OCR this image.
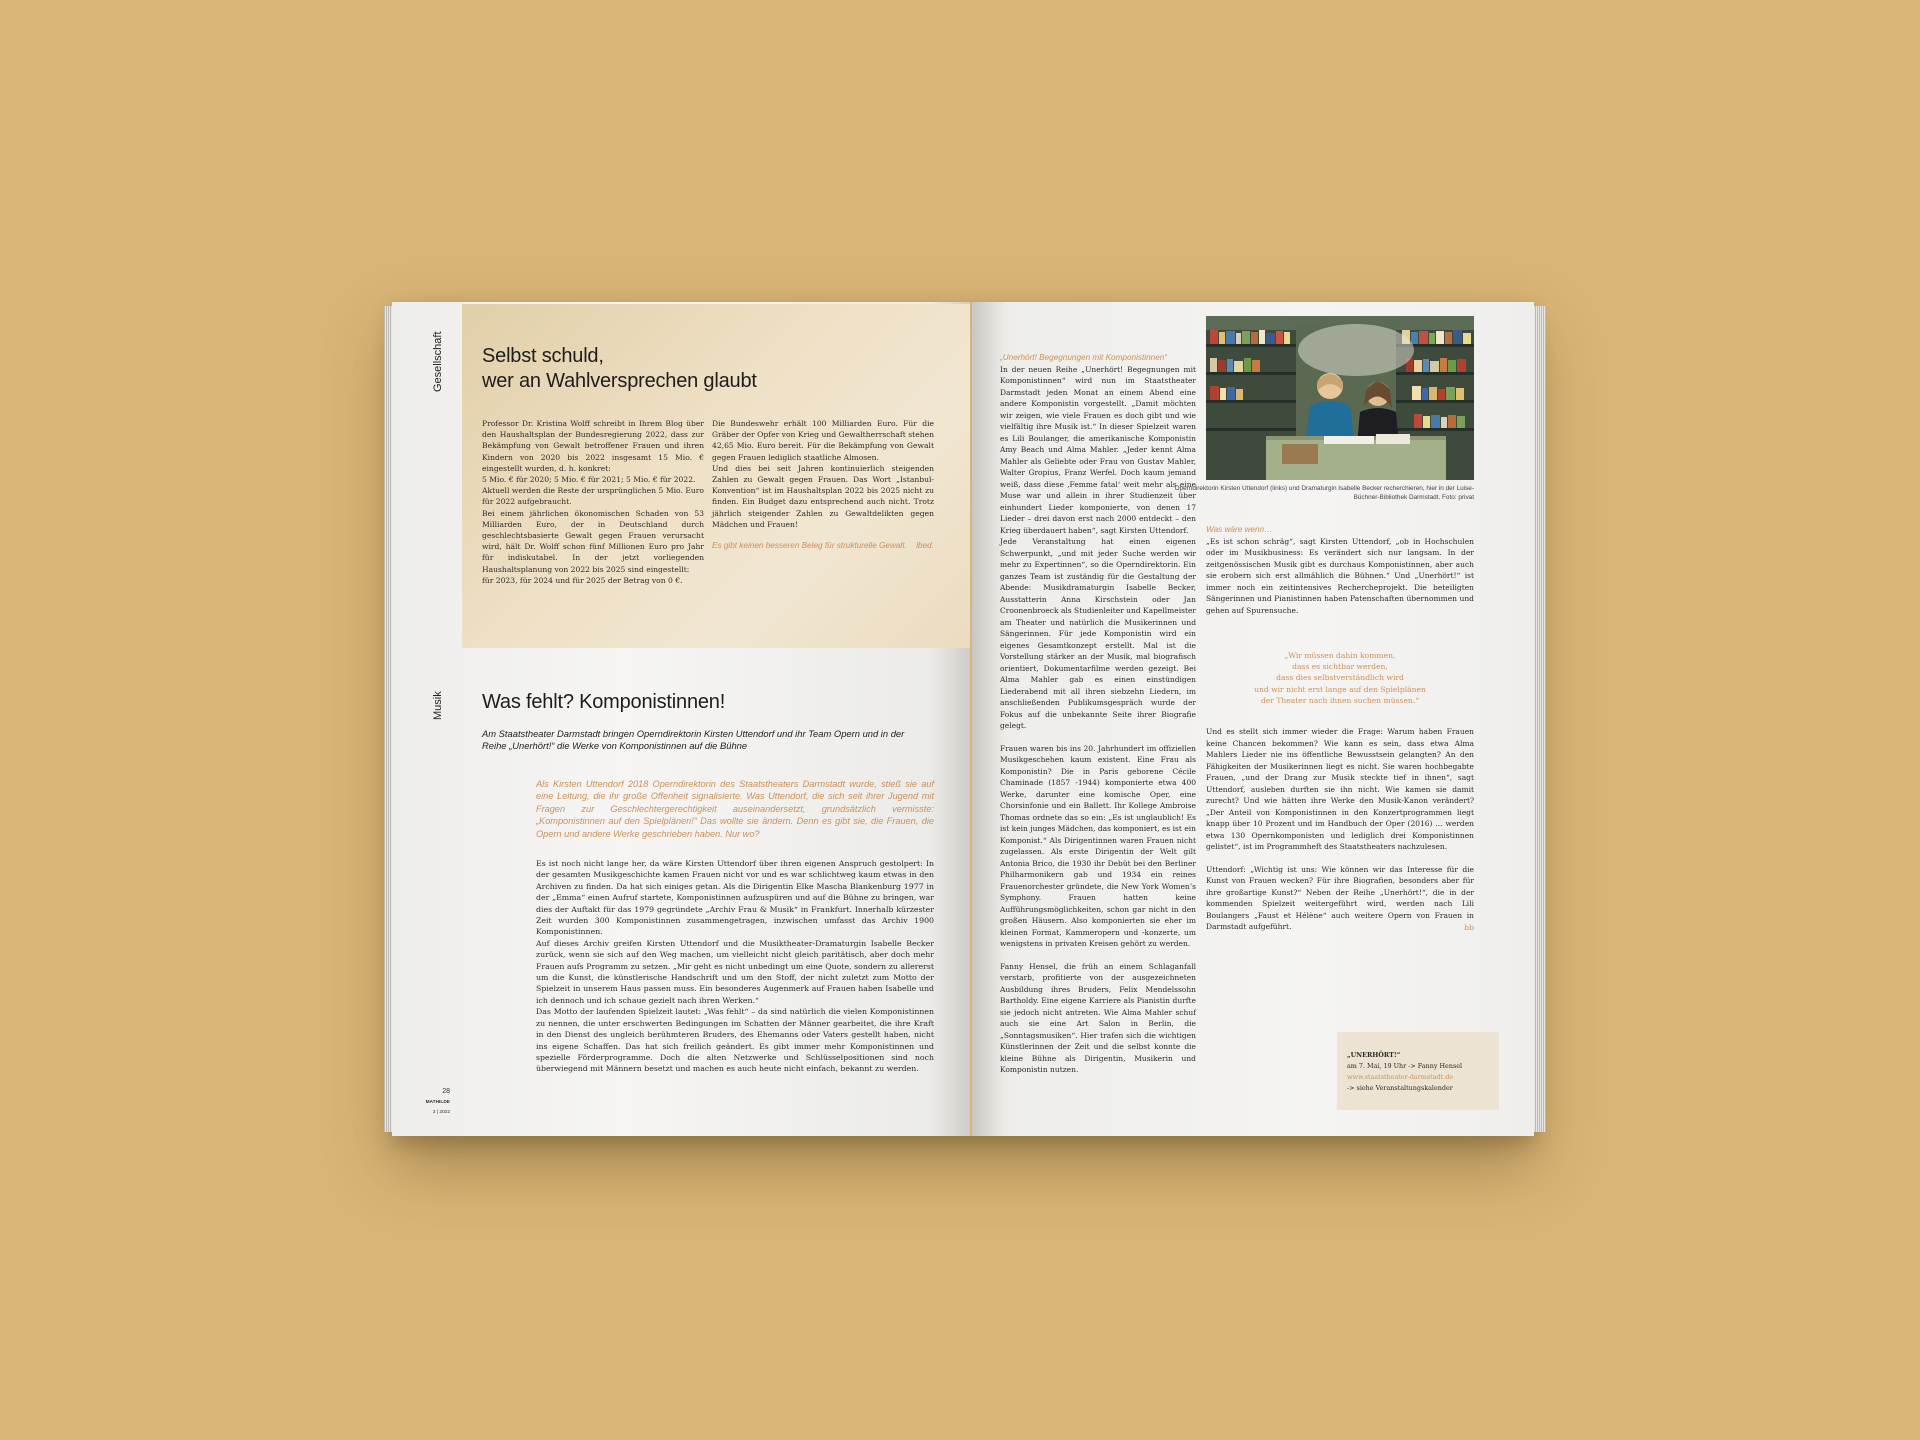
Gesellschaft
Musik
Selbst schuld,
wer an Wahlversprechen glaubt

Professor Dr. Kristina Wolff schreibt in Ihrem Blog über den Haushaltsplan der Bundesregierung 2022, dass zur Bekämpfung von Gewalt betroffener Frauen und ihren Kindern von 2020 bis 2022 insgesamt 15 Mio. € eingestellt wurden, d. h. konkret:

5 Mio. € für 2020; 5 Mio. € für 2021; 5 Mio. € für 2022.

Aktuell werden die Reste der ursprünglichen 5 Mio. Euro für 2022 aufgebraucht.

Bei einem jährlichen ökonomischen Schaden von 53 Milliarden Euro, der in Deutschland durch geschlechtsbasierte Gewalt gegen Frauen verursacht wird, hält Dr. Wolff schon fünf Millionen Euro pro Jahr für indiskutabel. In der jetzt vorliegenden Haushaltsplanung von 2022 bis 2025 sind eingestellt:

für 2023, für 2024 und für 2025 der Betrag von 0 €.

Die Bundeswehr erhält 100 Milliarden Euro. Für die Gräber der Opfer von Krieg und Gewaltherrschaft stehen 42,65 Mio. Euro bereit. Für die Bekämpfung von Gewalt gegen Frauen lediglich staatliche Almosen.

Und dies bei seit Jahren kontinuierlich steigenden Zahlen zu Gewalt gegen Frauen. Das Wort „Istanbul-Konvention“ ist im Haushaltsplan 2022 bis 2025 nicht zu finden. Ein Budget dazu entsprechend auch nicht. Trotz jährlich steigender Zahlen zu Gewaltdelikten gegen Mädchen und Frauen!

Es gibt keinen besseren Beleg für strukturelle Gewalt.	lbed.

Was fehlt? Komponistinnen!
Am Staatstheater Darmstadt bringen Operndirektorin Kirsten Uttendorf und ihr Team Opern und in der Reihe „Unerhört!“ die Werke von Komponistinnen auf die Bühne
Als Kirsten Uttendorf 2018 Operndirektorin des Staatstheaters Darmstadt wurde, stieß sie auf eine Leitung, die ihr große Offenheit signalisierte. Was Uttendorf, die sich seit ihrer Jugend mit Fragen zur Geschlechtergerechtigkeit auseinandersetzt, grundsätzlich vermisste: „Komponistinnen auf den Spielplänen!“ Das wollte sie ändern. Denn es gibt sie, die Frauen, die Opern und andere Werke geschrieben haben. Nur wo?

Es ist noch nicht lange her, da wäre Kirsten Uttendorf über ihren eigenen Anspruch gestolpert: In der gesamten Musikgeschichte kamen Frauen nicht vor und es war schlichtweg kaum etwas in den Archiven zu finden. Da hat sich einiges getan. Als die Dirigentin Elke Mascha Blankenburg 1977 in der „Emma“ einen Aufruf startete, Komponistinnen aufzuspüren und auf die Bühne zu bringen, war dies der Auftakt für das 1979 gegründete „Archiv Frau & Musik“ in Frankfurt. Innerhalb kürzester Zeit wurden 300 Komponistinnen zusammengetragen, inzwischen umfasst das Archiv 1900 Komponistinnen.

Auf dieses Archiv greifen Kirsten Uttendorf und die Musiktheater-Dramaturgin Isabelle Becker zurück, wenn sie sich auf den Weg machen, um vielleicht nicht gleich paritätisch, aber doch mehr Frauen aufs Programm zu setzen. „Mir geht es nicht unbedingt um eine Quote, sondern zu allererst um die Kunst, die künstlerische Handschrift und um den Stoff, der nicht zuletzt zum Motto der Spielzeit in unserem Haus passen muss. Ein besonderes Augenmerk auf Frauen haben Isabelle und ich dennoch und ich schaue gezielt nach ihren Werken.“

Das Motto der laufenden Spielzeit lautet: „Was fehlt“ – da sind natürlich die vielen Komponistinnen zu nennen, die unter erschwerten Bedingungen im Schatten der Männer gearbeitet, die ihre Kraft in den Dienst des ungleich berühmteren Bruders, des Ehemanns oder Vaters gestellt haben, nicht ins eigene Schaffen. Das hat sich freilich geändert. Es gibt immer mehr Komponistinnen und spezielle Förderprogramme. Doch die alten Netzwerke und Schlüsselpositionen sind noch überwiegend mit Männern besetzt und machen es auch heute nicht einfach, bekannt zu werden.

28
MATHILDE
3 | 2022

„Unerhört! Begegnungen mit Komponistinnen“

In der neuen Reihe „Unerhört! Begegnungen mit Komponistinnen“ wird nun im Staatstheater Darmstadt jeden Monat an einem Abend eine andere Komponistin vorgestellt. „Damit möchten wir zeigen, wie viele Frauen es doch gibt und wie vielfältig ihre Musik ist.“ In dieser Spielzeit waren es Lili Boulanger, die amerikanische Komponistin Amy Beach und Alma Mahler. „Jeder kennt Alma Mahler als Geliebte oder Frau von Gustav Mahler, Walter Gropius, Franz Werfel. Doch kaum jemand weiß, dass diese ‚Femme fatal‘ weit mehr als eine Muse war und allein in ihrer Studienzeit über einhundert Lieder komponierte, von denen 17 Lieder – drei davon erst nach 2000 entdeckt – den Krieg überdauert haben“, sagt Kirsten Uttendorf.

Jede Veranstaltung hat einen eigenen Schwerpunkt, „und mit jeder Suche werden wir mehr zu Expertinnen“, so die Operndirektorin. Ein ganzes Team ist zuständig für die Gestaltung der Abende: Musikdramaturgin Isabelle Becker, Ausstatterin Anna Kirschstein oder Jan Croonenbroeck als Studienleiter und Kapellmeister am Theater und natürlich die Musikerinnen und Sängerinnen. Für jede Komponistin wird ein eigenes Gesamtkonzept erstellt. Mal ist die Vorstellung stärker an der Musik, mal biografisch orientiert, Dokumentarfilme werden gezeigt. Bei Alma Mahler gab es einen einstündigen Liederabend mit all ihren siebzehn Liedern, im anschließenden Publikumsgespräch wurde der Fokus auf die unbekannte Seite ihrer Biografie gelegt.

Frauen waren bis ins 20. Jahrhundert im offiziellen Musikgeschehen kaum existent. Eine Frau als Komponistin? Die in Paris geborene Cécile Chaminade (1857 -1944) komponierte etwa 400 Werke, darunter eine komische Oper, eine Chorsinfonie und ein Ballett. Ihr Kollege Ambroise Thomas ordnete das so ein: „Es ist unglaublich! Es ist kein junges Mädchen, das komponiert, es ist ein Komponist.“ Als Dirigentinnen waren Frauen nicht zugelassen. Als erste Dirigentin der Welt gilt Antonia Brico, die 1930 ihr Debüt bei den Berliner Philharmonikern gab und 1934 ein reines Frauenorchester gründete, die New York Women’s Symphony. Frauen hatten keine Aufführungsmöglichkeiten, schon gar nicht in den großen Häusern. Also komponierten sie eher im kleinen Format, Kammeropern und -konzerte, um wenigstens in privaten Kreisen gehört zu werden.

Fanny Hensel, die früh an einem Schlaganfall verstarb, profitierte von der ausgezeichneten Ausbildung ihres Bruders, Felix Mendelssohn Bartholdy. Eine eigene Karriere als Pianistin durfte sie jedoch nicht antreten. Wie Alma Mahler schuf auch sie eine Art Salon in Berlin, die „Sonntagsmusiken“. Hier trafen sich die wichtigen Künstlerinnen der Zeit und die selbst konnte die kleine Bühne als Dirigentin, Musikerin und Komponistin nutzen.

Operndirektorin Kirsten Uttendorf (links) und Dramaturgin Isabelle Becker recherchieren, hier in der Luise-Büchner-Bibliothek Darmstadt. Foto: privat

Was wäre wenn…

„Es ist schon schräg“, sagt Kirsten Uttendorf, „ob in Hochschulen oder im Musikbusiness: Es verändert sich nur langsam. In der zeitgenössischen Musik gibt es durchaus Komponistinnen, aber auch sie erobern sich erst allmählich die Bühnen.“ Und „Unerhört!“ ist immer noch ein zeitintensives Rechercheprojekt. Die beteiligten Sängerinnen und Pianistinnen haben Patenschaften übernommen und gehen auf Spurensuche.

„Wir müssen dahin kommen,
dass es sichtbar werden,
dass dies selbstverständlich wird
und wir nicht erst lange auf den Spielplänen
der Theater nach ihnen suchen müssen.“

Und es stellt sich immer wieder die Frage: Warum haben Frauen keine Chancen bekommen? Wie kann es sein, dass etwa Alma Mahlers Lieder nie ins öffentliche Bewusstsein gelangten? An den Fähigkeiten der Musikerinnen liegt es nicht. Sie waren hochbegabte Frauen, „und der Drang zur Musik steckte tief in ihnen“, sagt Uttendorf, ausleben durften sie ihn nicht. Wie kamen sie damit zurecht? Und wie hätten ihre Werke den Musik-Kanon verändert? „Der Anteil von Komponistinnen in den Konzertprogrammen liegt knapp über 10 Prozent und im Handbuch der Oper (2016) ... werden etwa 130 Opernkomponisten und lediglich drei Komponistinnen gelistet“, ist im Programmheft des Staatstheaters nachzulesen.

Uttendorf: „Wichtig ist uns: Wie können wir das Interesse für die Kunst von Frauen wecken? Für ihre Biografien, besonders aber für ihre großartige Kunst?“ Neben der Reihe „Unerhört!“, die in der kommenden Spielzeit weitergeführt wird, werden nach Lili Boulangers „Faust et Hélène“ auch weitere Opern von Frauen in Darmstadt aufgeführt.	bb

„UNERHÖRT!“
am 7. Mai, 19 Uhr -> Fanny Hensel
www.staatstheater-darmstadt.de
-> siehe Veranstaltungskalender
